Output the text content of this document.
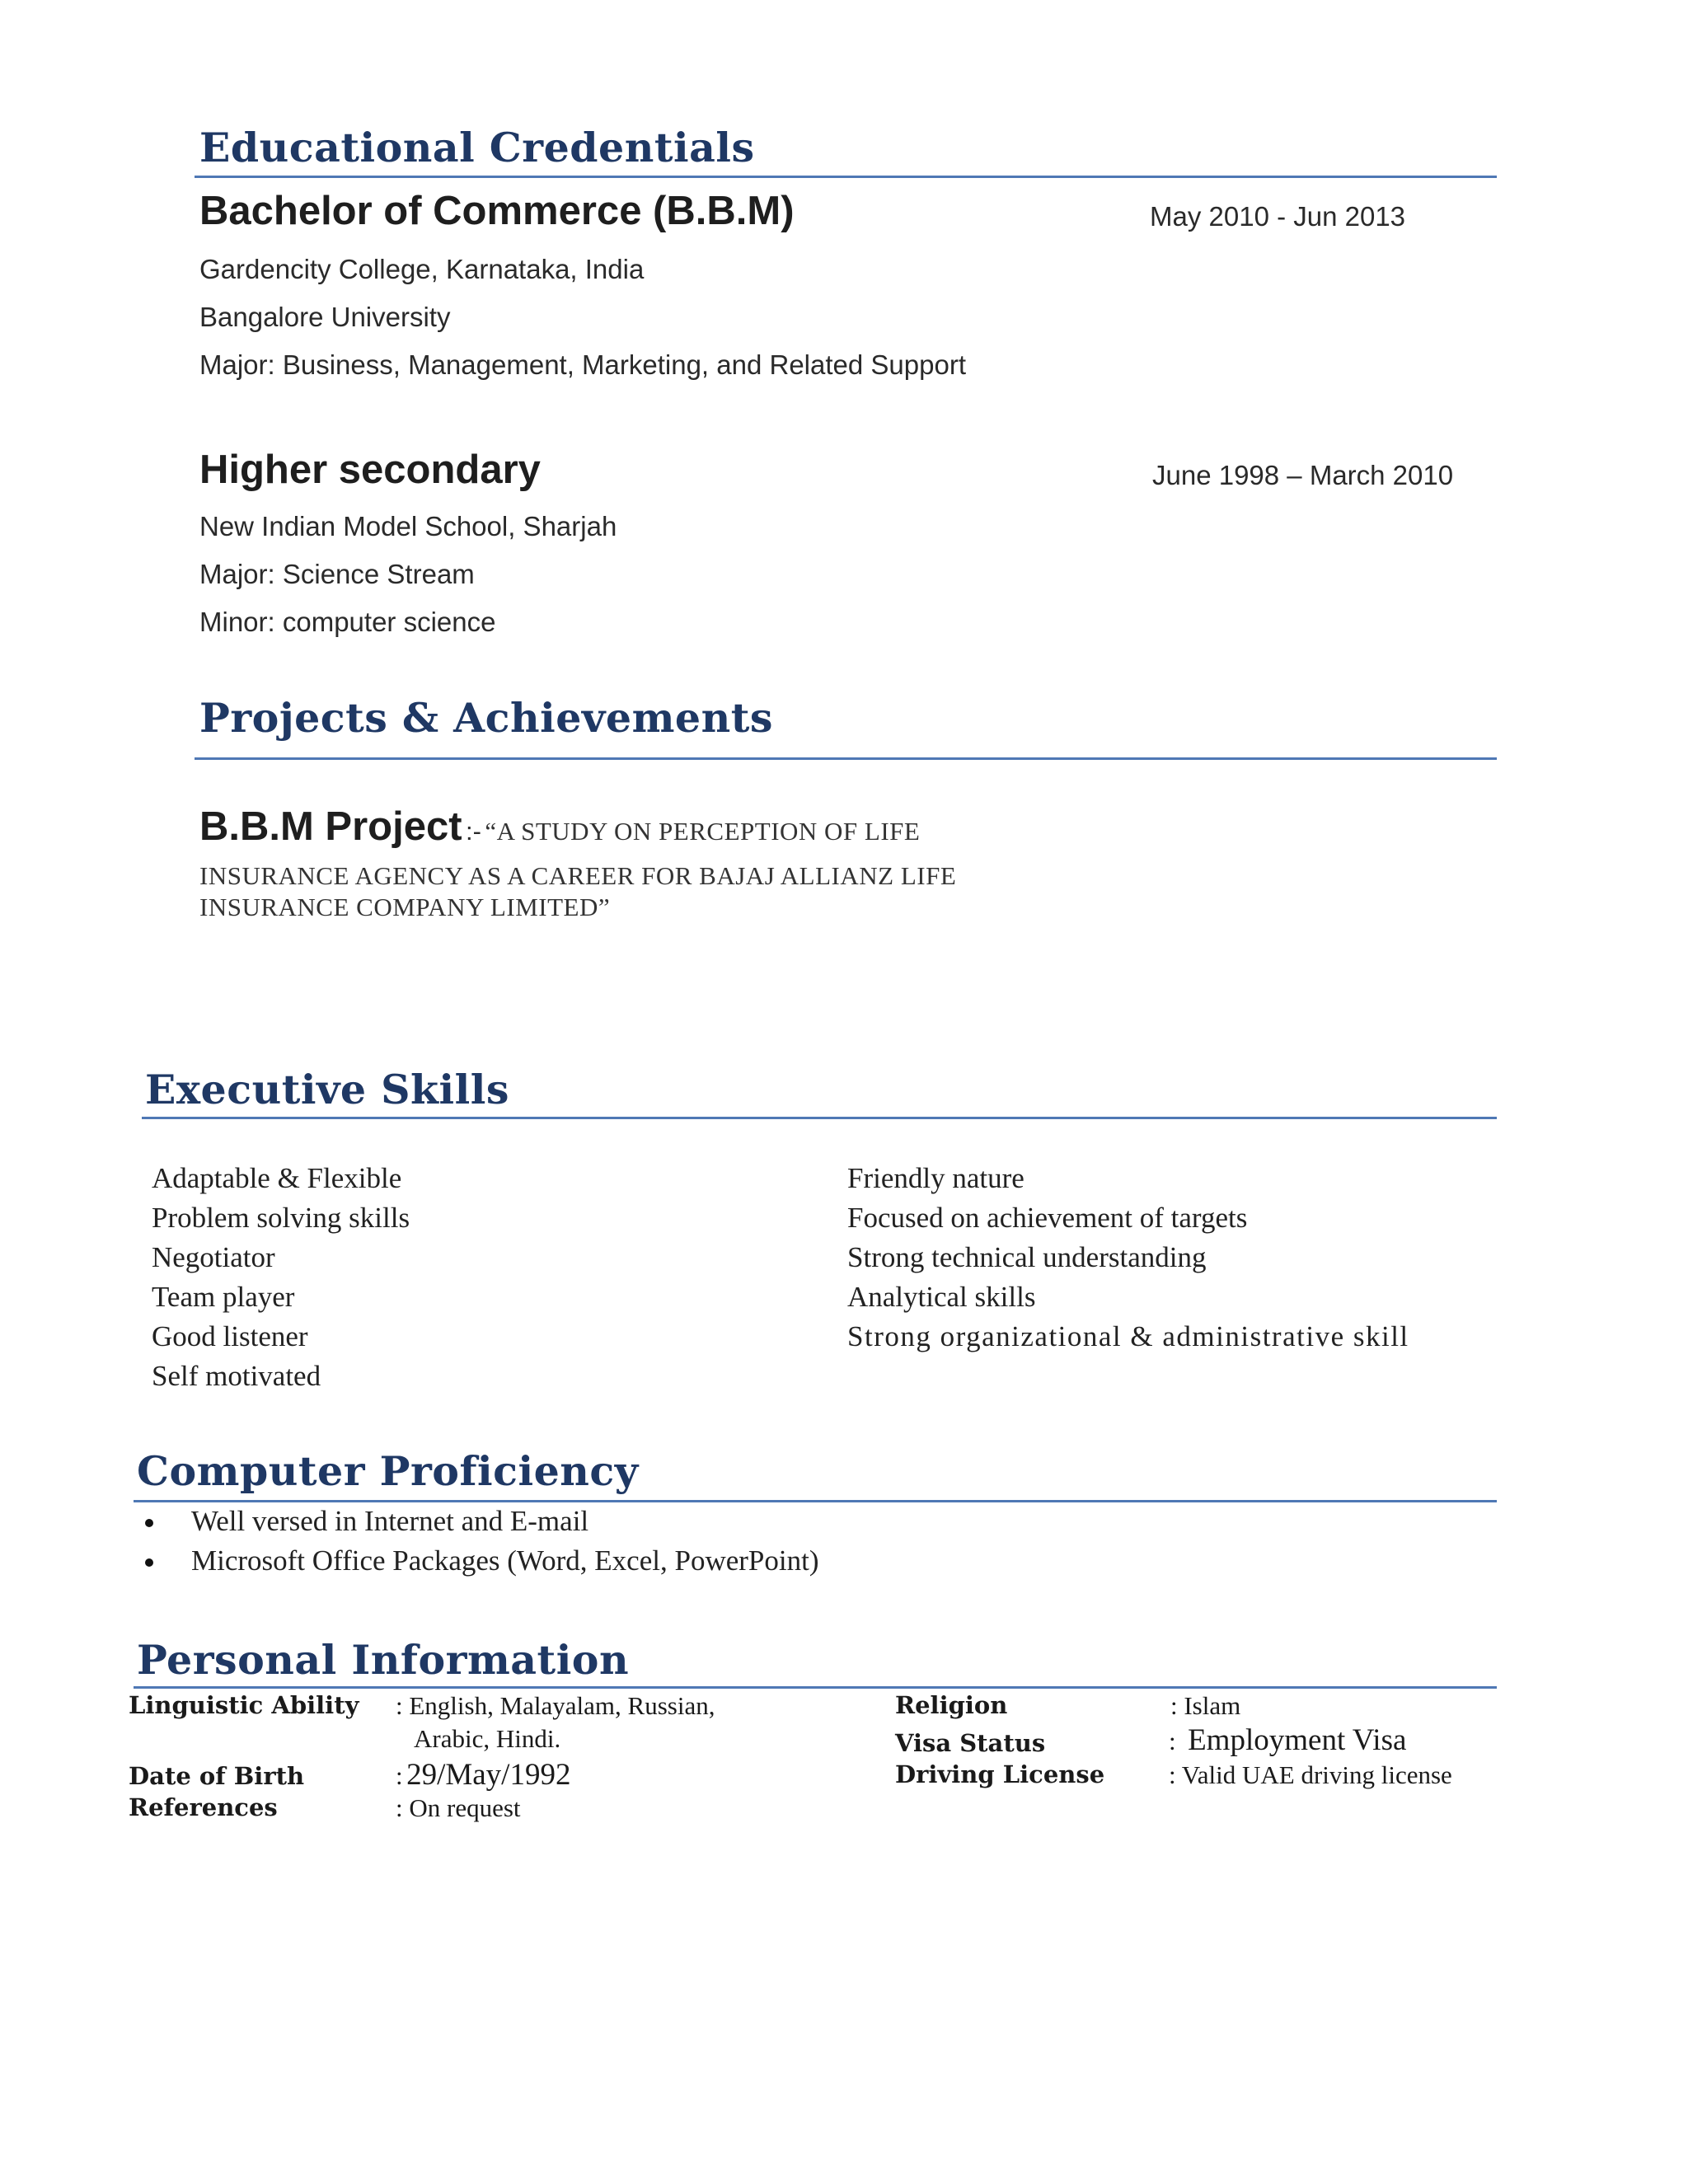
Educational Credentials
Bachelor of Commerce (B.B.M)	May 2010 - Jun 2013
Gardencity College, Karnataka, India
Bangalore University
Major: Business, Management, Marketing, and Related Support
Higher secondary	June 1998 – March 2010
New Indian Model School, Sharjah
Major: Science Stream
Minor: computer science
Projects & Achievements
B.B.M Project :- “A STUDY ON PERCEPTION OF LIFE
INSURANCE AGENCY AS A CAREER FOR BAJAJ ALLIANZ LIFE
INSURANCE COMPANY LIMITED”
Executive Skills
Adaptable & Flexible
Problem solving skills
Negotiator
Team player
Good listener
Self motivated
Friendly nature
Focused on achievement of targets
Strong technical understanding
Analytical skills
Strong organizational & administrative skill
Computer Proficiency
Well versed in Internet and E-mail
Microsoft Office Packages (Word, Excel, PowerPoint)
Personal Information
Linguistic Ability : English, Malayalam, Russian,
Arabic, Hindi.
Date of Birth	: 29/May/1992
References	: On request
Religion	: Islam
Visa Status	: Employment Visa
Driving License	: Valid UAE driving license
